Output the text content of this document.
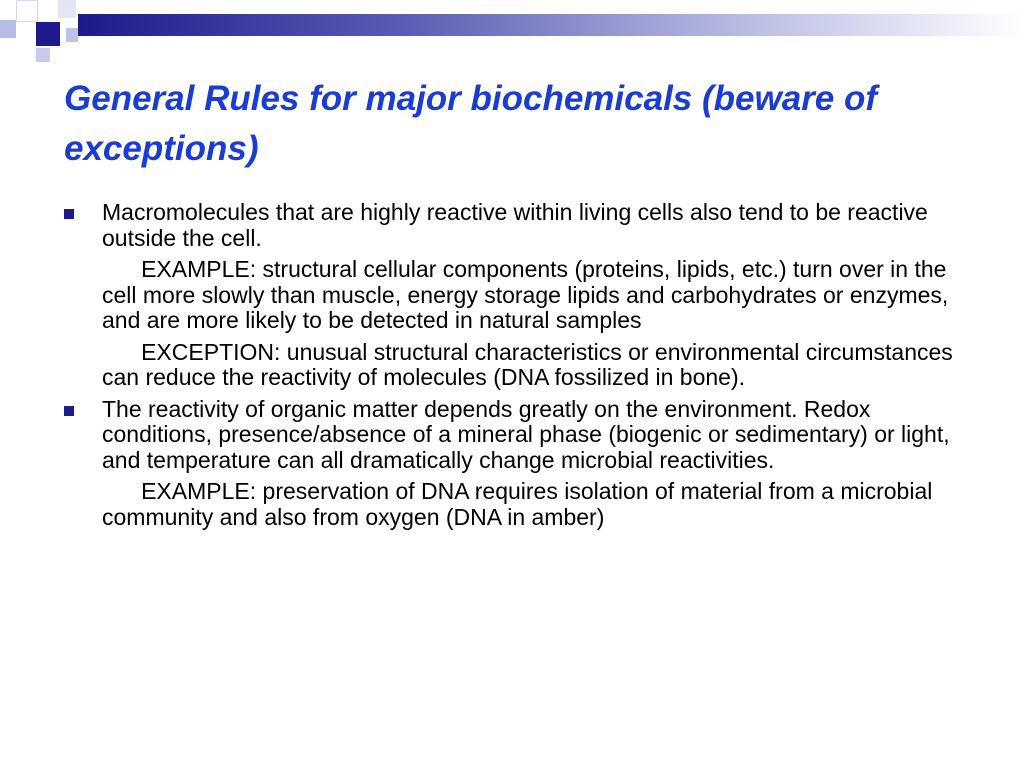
General Rules for major biochemicals (beware of exceptions)
Macromolecules that are highly reactive within living cells also tend to be reactive outside the cell.
EXAMPLE: structural cellular components (proteins, lipids, etc.) turn over in the cell more slowly than muscle, energy storage lipids and carbohydrates or enzymes, and are more likely to be detected in natural samples
EXCEPTION: unusual structural characteristics or environmental circumstances can reduce the reactivity of molecules (DNA fossilized in bone).
The reactivity of organic matter depends greatly on the environment. Redox conditions, presence/absence of a mineral phase (biogenic or sedimentary) or light, and temperature can all dramatically change microbial reactivities.
EXAMPLE: preservation of DNA requires isolation of material from a microbial community and also from oxygen (DNA in amber)
